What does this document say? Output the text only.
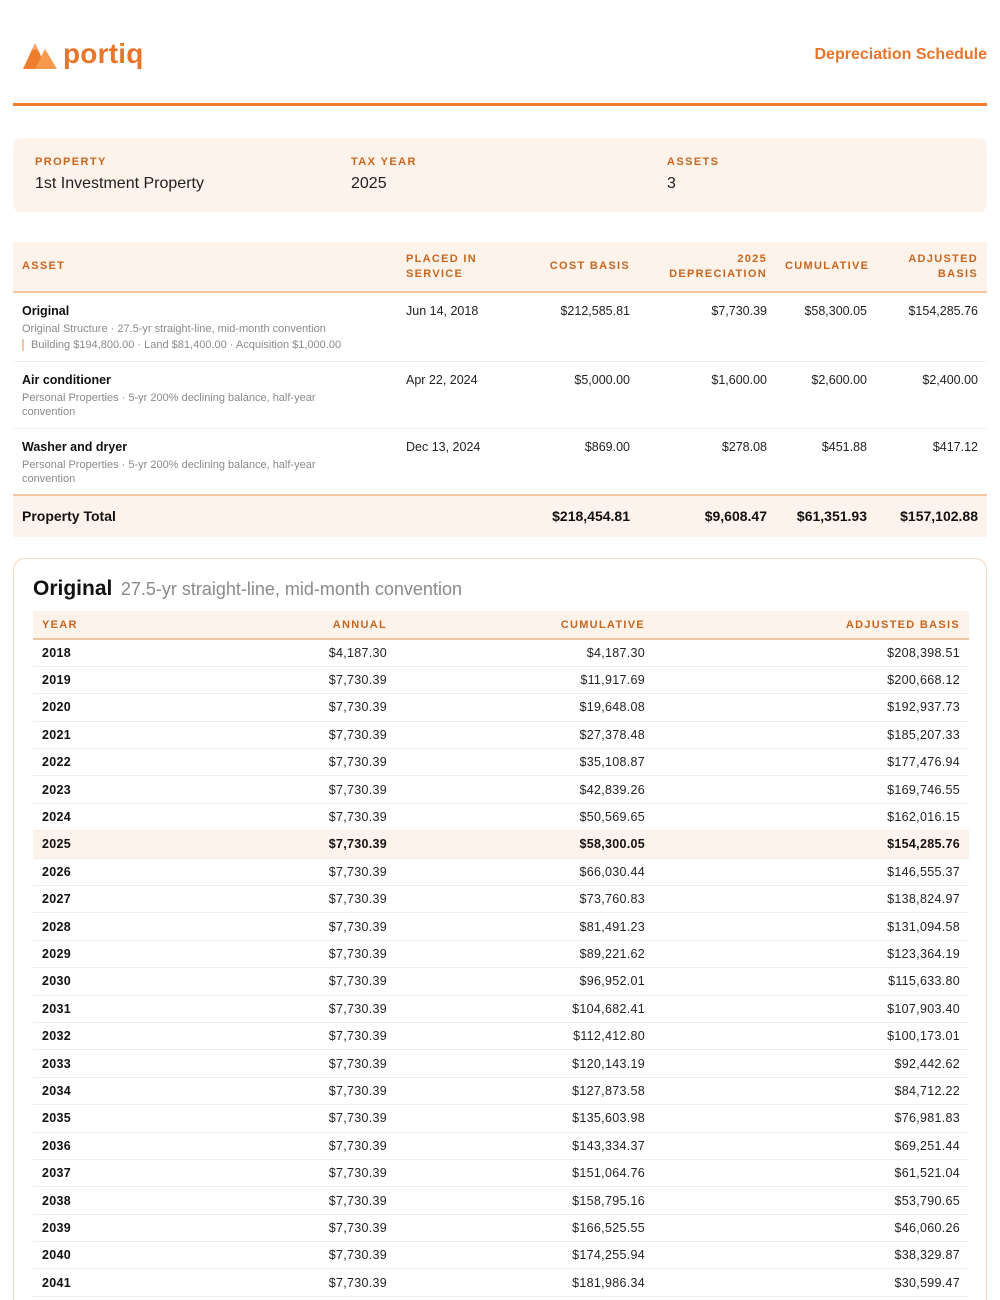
portiq	Depreciation Schedule
PROPERTY
1st Investment Property
TAX YEAR
2025
ASSETS
3
ASSET	PLACED IN SERVICE	COST BASIS	2025 DEPRECIATION	CUMULATIVE	ADJUSTED BASIS

Original
Original Structure · 27.5-yr straight-line, mid-month convention
Building $194,800.00 · Land $81,400.00 · Acquisition $1,000.00	Jun 14, 2018	$212,585.81	$7,730.39	$58,300.05	$154,285.76

Air conditioner
Personal Properties · 5-yr 200% declining balance, half-year convention	Apr 22, 2024	$5,000.00	$1,600.00	$2,600.00	$2,400.00

Washer and dryer
Personal Properties · 5-yr 200% declining balance, half-year convention	Dec 13, 2024	$869.00	$278.08	$451.88	$417.12
Property Total		$218,454.81	$9,608.47	$61,351.93	$157,102.88
Original 27.5-yr straight-line, mid-month convention
YEAR	ANNUAL	CUMULATIVE	ADJUSTED BASIS
2018	$4,187.30	$4,187.30	$208,398.51
2019	$7,730.39	$11,917.69	$200,668.12
2020	$7,730.39	$19,648.08	$192,937.73
2021	$7,730.39	$27,378.48	$185,207.33
2022	$7,730.39	$35,108.87	$177,476.94
2023	$7,730.39	$42,839.26	$169,746.55
2024	$7,730.39	$50,569.65	$162,016.15
2025	$7,730.39	$58,300.05	$154,285.76
2026	$7,730.39	$66,030.44	$146,555.37
2027	$7,730.39	$73,760.83	$138,824.97
2028	$7,730.39	$81,491.23	$131,094.58
2029	$7,730.39	$89,221.62	$123,364.19
2030	$7,730.39	$96,952.01	$115,633.80
2031	$7,730.39	$104,682.41	$107,903.40
2032	$7,730.39	$112,412.80	$100,173.01
2033	$7,730.39	$120,143.19	$92,442.62
2034	$7,730.39	$127,873.58	$84,712.22
2035	$7,730.39	$135,603.98	$76,981.83
2036	$7,730.39	$143,334.37	$69,251.44
2037	$7,730.39	$151,064.76	$61,521.04
2038	$7,730.39	$158,795.16	$53,790.65
2039	$7,730.39	$166,525.55	$46,060.26
2040	$7,730.39	$174,255.94	$38,329.87
2041	$7,730.39	$181,986.34	$30,599.47
